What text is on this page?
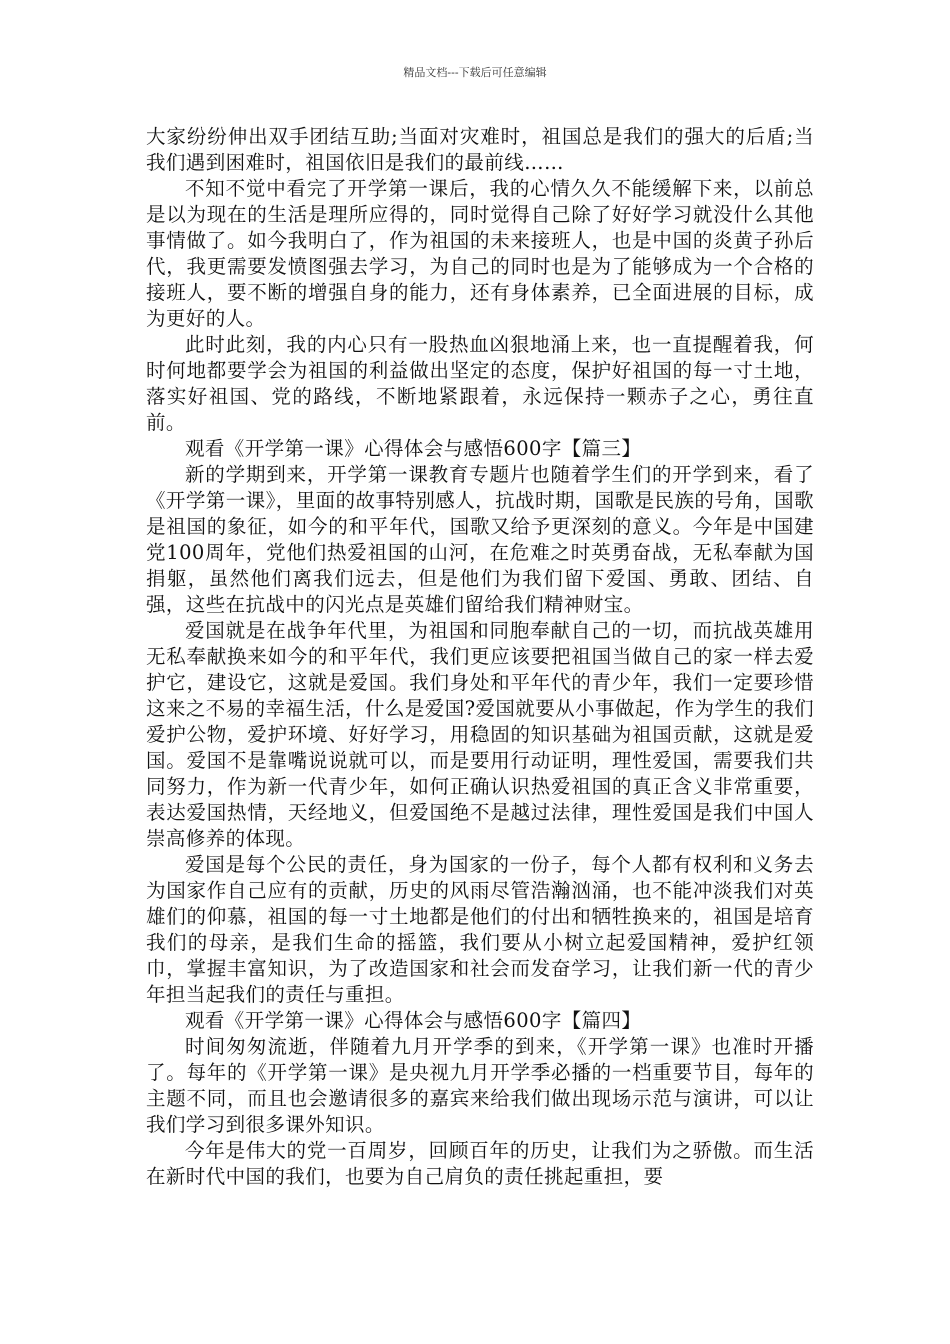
精品文档---下载后可任意编辑

大家纷纷伸出双手团结互助;当面对灾难时，祖国总是我们的强大的后盾;当我们遇到困难时，祖国依旧是我们的最前线……

不知不觉中看完了开学第一课后，我的心情久久不能缓解下来，以前总是以为现在的生活是理所应得的，同时觉得自己除了好好学习就没什么其他事情做了。如今我明白了，作为祖国的未来接班人，也是中国的炎黄子孙后代，我更需要发愤图强去学习，为自己的同时也是为了能够成为一个合格的接班人，要不断的增强自身的能力，还有身体素养，已全面进展的目标，成为更好的人。

此时此刻，我的内心只有一股热血凶狠地涌上来，也一直提醒着我，何时何地都要学会为祖国的利益做出坚定的态度，保护好祖国的每一寸土地，落实好祖国、党的路线，不断地紧跟着，永远保持一颗赤子之心，勇往直前。

观看《开学第一课》心得体会与感悟600字【篇三】

新的学期到来，开学第一课教育专题片也随着学生们的开学到来，看了《开学第一课》，里面的故事特别感人，抗战时期，国歌是民族的号角，国歌是祖国的象征，如今的和平年代，国歌又给予更深刻的意义。今年是中国建党100周年，党他们热爱祖国的山河，在危难之时英勇奋战，无私奉献为国捐躯，虽然他们离我们远去，但是他们为我们留下爱国、勇敢、团结、自强，这些在抗战中的闪光点是英雄们留给我们精神财宝。

爱国就是在战争年代里，为祖国和同胞奉献自己的一切，而抗战英雄用无私奉献换来如今的和平年代，我们更应该要把祖国当做自己的家一样去爱护它，建设它，这就是爱国。我们身处和平年代的青少年，我们一定要珍惜这来之不易的幸福生活，什么是爱国?爱国就要从小事做起，作为学生的我们爱护公物，爱护环境、好好学习，用稳固的知识基础为祖国贡献，这就是爱国。爱国不是靠嘴说说就可以，而是要用行动证明，理性爱国，需要我们共同努力，作为新一代青少年，如何正确认识热爱祖国的真正含义非常重要，表达爱国热情，天经地义，但爱国绝不是越过法律，理性爱国是我们中国人崇高修养的体现。

爱国是每个公民的责任，身为国家的一份子，每个人都有权利和义务去为国家作自己应有的贡献，历史的风雨尽管浩瀚汹涌，也不能冲淡我们对英雄们的仰慕，祖国的每一寸土地都是他们的付出和牺牲换来的，祖国是培育我们的母亲，是我们生命的摇篮，我们要从小树立起爱国精神，爱护红领巾，掌握丰富知识，为了改造国家和社会而发奋学习，让我们新一代的青少年担当起我们的责任与重担。

观看《开学第一课》心得体会与感悟600字【篇四】

时间匆匆流逝，伴随着九月开学季的到来，《开学第一课》也准时开播了。每年的《开学第一课》是央视九月开学季必播的一档重要节目，每年的主题不同，而且也会邀请很多的嘉宾来给我们做出现场示范与演讲，可以让我们学习到很多课外知识。

今年是伟大的党一百周岁，回顾百年的历史，让我们为之骄傲。而生活在新时代中国的我们，也要为自己肩负的责任挑起重担，要
